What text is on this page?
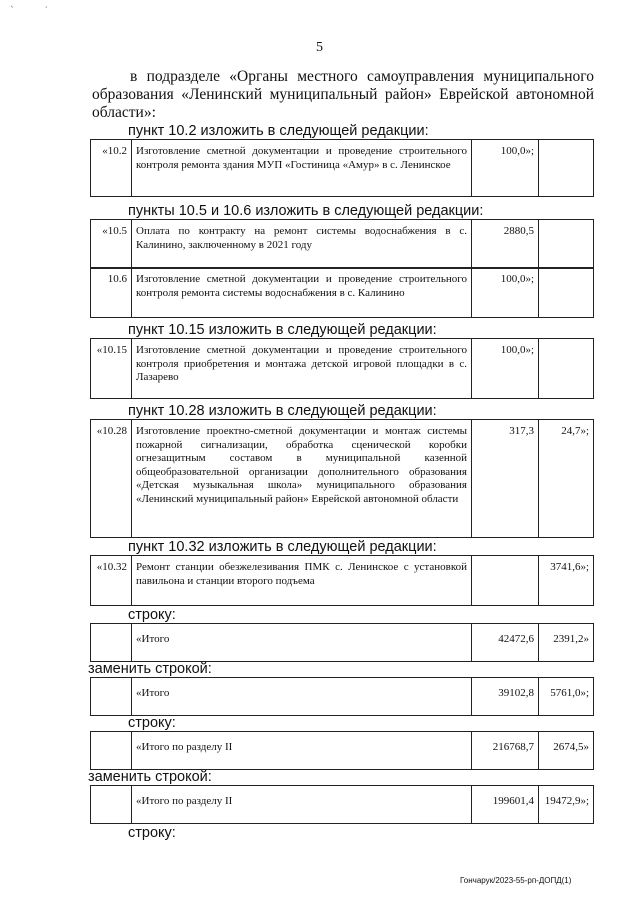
` ′
5
в подразделе «Органы местного самоуправления муниципального
образования «Ленинский муниципальный район» Еврейской автономной
области»:
пункт 10.2 изложить в следующей редакции:
«10.2	Изготовление сметной документации и проведение строительного контроля ремонта здания МУП «Гостиница «Амур» в с. Ленинское	100,0»;	
пункты 10.5 и 10.6 изложить в следующей редакции:
«10.5	Оплата по контракту на ремонт системы водоснабжения в с. Калинино, заключенному в 2021 году	2880,5	
10.6	Изготовление сметной документации и проведение строительного контроля ремонта системы водоснабжения в с. Калинино	100,0»;	
пункт 10.15 изложить в следующей редакции:
«10.15	Изготовление сметной документации и проведение строительного контроля приобретения и монтажа детской игровой площадки в с. Лазарево	100,0»;	
пункт 10.28 изложить в следующей редакции:
«10.28	Изготовление проектно-сметной документации и монтаж системы пожарной сигнализации, обработка сценической коробки огнезащитным составом в муниципальной казенной общеобразовательной организации дополнительного образования «Детская музыкальная школа» муниципального образования «Ленинский муниципальный район» Еврейской автономной области	317,3	24,7»;
пункт 10.32 изложить в следующей редакции:
«10.32	Ремонт станции обезжелезивания ПМК с. Ленинское с установкой павильона и станции второго подъема		3741,6»;
строку:
	«Итого	42472,6	2391,2»
заменить строкой:
	«Итого	39102,8	5761,0»;
строку:
	«Итого по разделу II	216768,7	2674,5»
заменить строкой:
	«Итого по разделу II	199601,4	19472,9»;
строку:
Гончарук/2023-55-рп-ДОПД(1)
